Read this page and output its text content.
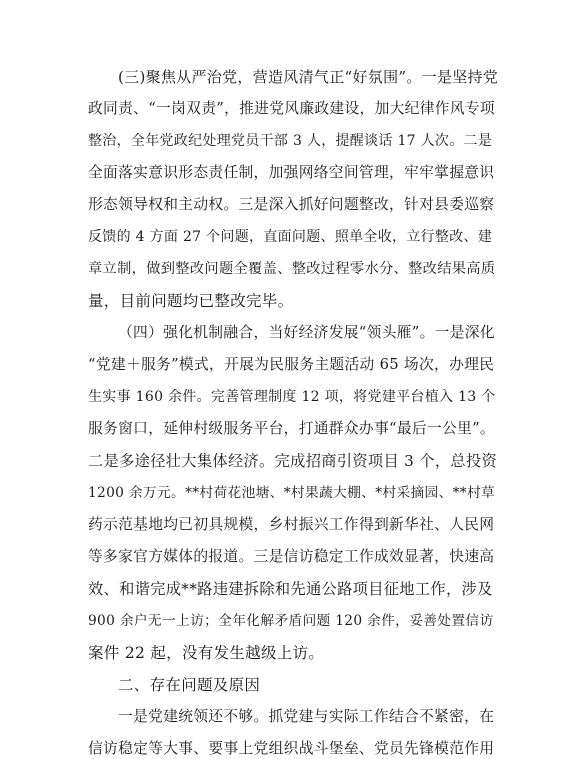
(三)聚焦从严治党，营造风清气正“好氛围”。一是坚持党
政同责、“一岗双责”，推进党风廉政建设，加大纪律作风专项
整治，全年党政纪处理党员干部 3 人，提醒谈话 17 人次。二是
全面落实意识形态责任制，加强网络空间管理，牢牢掌握意识
形态领导权和主动权。三是深入抓好问题整改，针对县委巡察
反馈的 4 方面 27 个问题，直面问题、照单全收，立行整改、建
章立制，做到整改问题全覆盖、整改过程零水分、整改结果高质
量，目前问题均已整改完毕。
（四）强化机制融合，当好经济发展“领头雁”。一是深化
“党建＋服务”模式，开展为民服务主题活动 65 场次，办理民
生实事 160 余件。完善管理制度 12 项，将党建平台植入 13 个
服务窗口，延伸村级服务平台，打通群众办事“最后一公里”。
二是多途径壮大集体经济。完成招商引资项目 3 个，总投资
1200 余万元。**村荷花池塘、*村果蔬大棚、*村采摘园、**村草
药示范基地均已初具规模，乡村振兴工作得到新华社、人民网
等多家官方媒体的报道。三是信访稳定工作成效显著，快速高
效、和谐完成**路违建拆除和先通公路项目征地工作，涉及
900 余户无一上访；全年化解矛盾问题 120 余件，妥善处置信访
案件 22 起，没有发生越级上访。
二、存在问题及原因
一是党建统领还不够。抓党建与实际工作结合不紧密，在
信访稳定等大事、要事上党组织战斗堡垒、党员先锋模范作用
